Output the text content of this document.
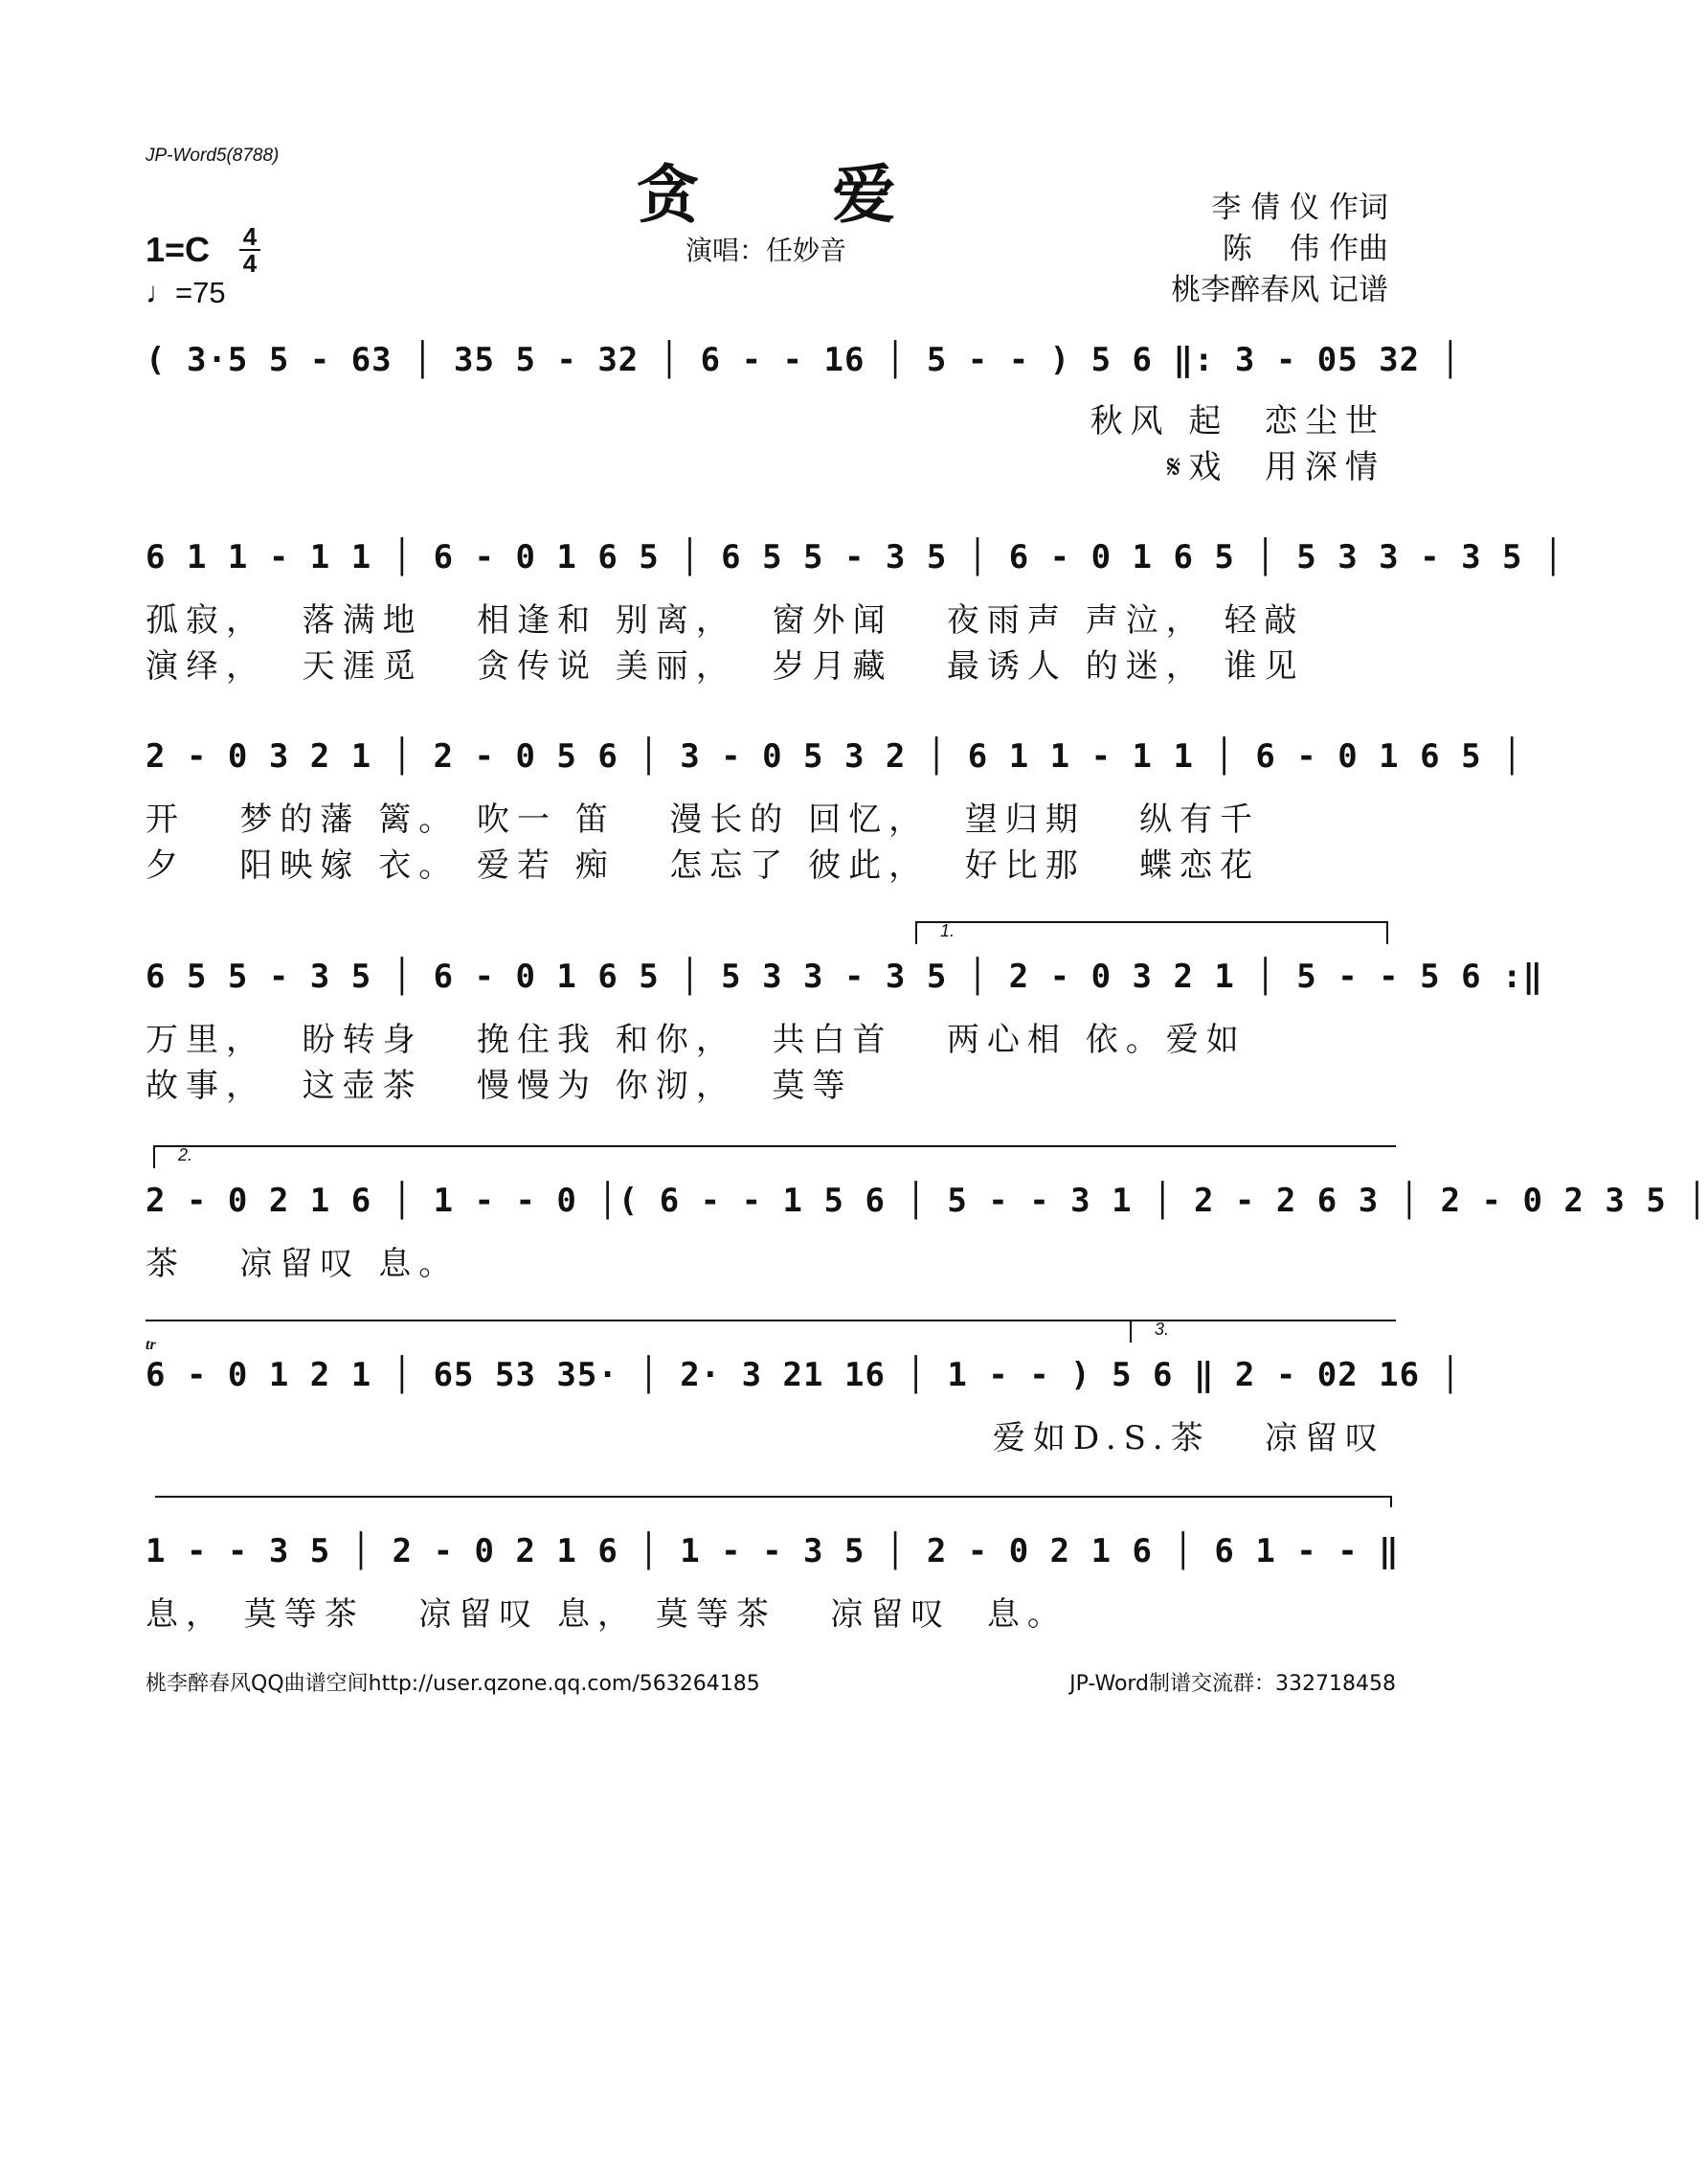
JP-Word5(8788)
贪 爱
演唱：任妙音
李 倩 仪 作词
陈    伟 作曲
桃李醉春风 记谱
1=C 4
4
♩=75
( 3·5 5 - 63 │ 35 5 - 32 │ 6 - - 16 │ 5 - - ) 5 6 ‖: 3 - 05 32 │
秋风 起  恋尘世
𝄋戏  用深情
6 1 1 - 1 1 │ 6 - 0 1 6 5 │ 6 5 5 - 3 5 │ 6 - 0 1 6 5 │ 5 3 3 - 3 5 │
孤寂，  落满地   相逢和 别离，  窗外闻   夜雨声 声泣， 轻敲
演绎，  天涯觅   贪传说 美丽，  岁月藏   最诱人 的迷， 谁见
2 - 0 3 2 1 │ 2 - 0 5 6 │ 3 - 0 5 3 2 │ 6 1 1 - 1 1 │ 6 - 0 1 6 5 │
开   梦的藩 篱。 吹一 笛   漫长的 回忆，  望归期   纵有千
夕   阳映嫁 衣。 爱若 痴   怎忘了 彼此，  好比那   蝶恋花
1.
6 5 5 - 3 5 │ 6 - 0 1 6 5 │ 5 3 3 - 3 5 │ 2 - 0 3 2 1 │ 5 - - 5 6 :‖
万里，  盼转身   挽住我 和你，  共白首   两心相 依。爱如
故事，  这壶茶   慢慢为 你沏，  莫等
2.
2 - 0 2 1 6 │ 1 - - 0 │( 6 - - 1 5 6 │ 5 - - 3 1 │ 2 - 2 6 3 │ 2 - 0 2 3 5 │
茶   凉留叹 息。
3.
tr
6 - 0 1 2 1 │ 65 53 35· │ 2· 3 21 16 │ 1 - - ) 5 6 ‖ 2 - 02 16 │
爱如D.S.茶   凉留叹
1 - - 3 5 │ 2 - 0 2 1 6 │ 1 - - 3 5 │ 2 - 0 2 1 6 │ 6 1 - - ‖
息， 莫等茶   凉留叹 息， 莫等茶   凉留叹  息。
桃李醉春风QQ曲谱空间http://user.qzone.qq.com/563264185	JP-Word制谱交流群：332718458
